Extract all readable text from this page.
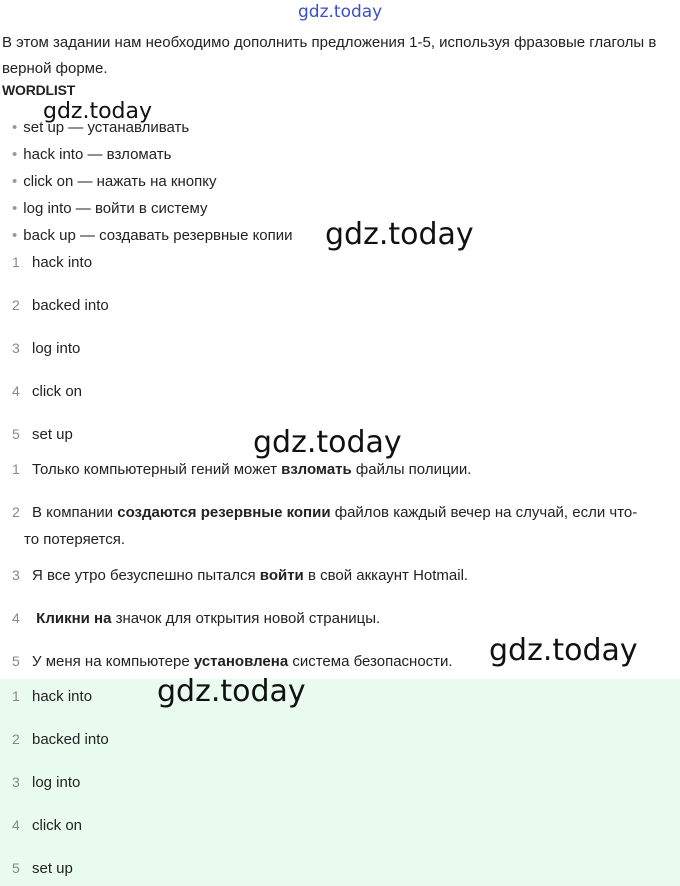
gdz.today
gdz.today
gdz.today
gdz.today
gdz.today
gdz.today
В этом задании нам необходимо дополнить предложения 1-5, используя фразовые глаголы в верной форме.
WORDLIST
• set up — устанавливать
• hack into — взломать
• click on — нажать на кнопку
• log into — войти в систему
• back up — создавать резервные копии
1 hack into
2 backed into
3 log into
4 click on
5 set up
1 Только компьютерный гений может взломать файлы полиции.
2 В компании создаются резервные копии файлов каждый вечер на случай, если что-
то потеряется.
3 Я все утро безуспешно пытался войти в свой аккаунт Hotmail.
4 Кликни на значок для открытия новой страницы.
5 У меня на компьютере установлена система безопасности.
1 hack into
2 backed into
3 log into
4 click on
5 set up
